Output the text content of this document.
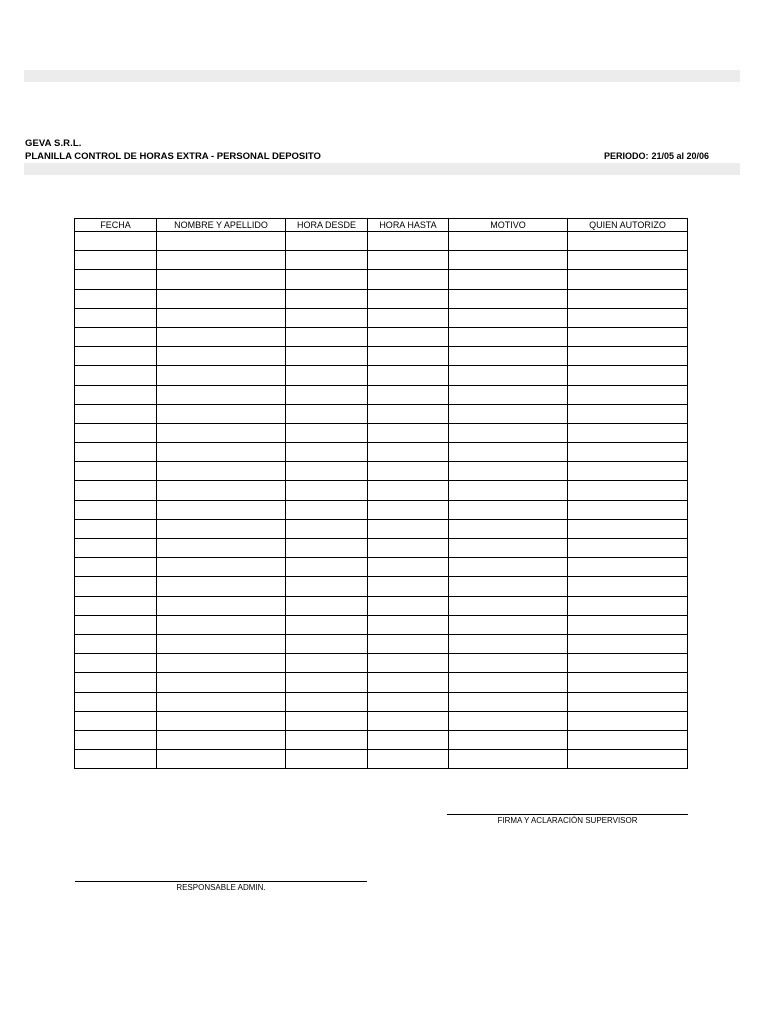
GEVA S.R.L.
PLANILLA CONTROL DE HORAS EXTRA - PERSONAL DEPOSITO	PERIODO: 21/05 al 20/06
FECHA	NOMBRE Y APELLIDO	HORA DESDE	HORA HASTA	MOTIVO	QUIEN AUTORIZO

FIRMA Y ACLARACIÓN SUPERVISOR
RESPONSABLE ADMIN.
